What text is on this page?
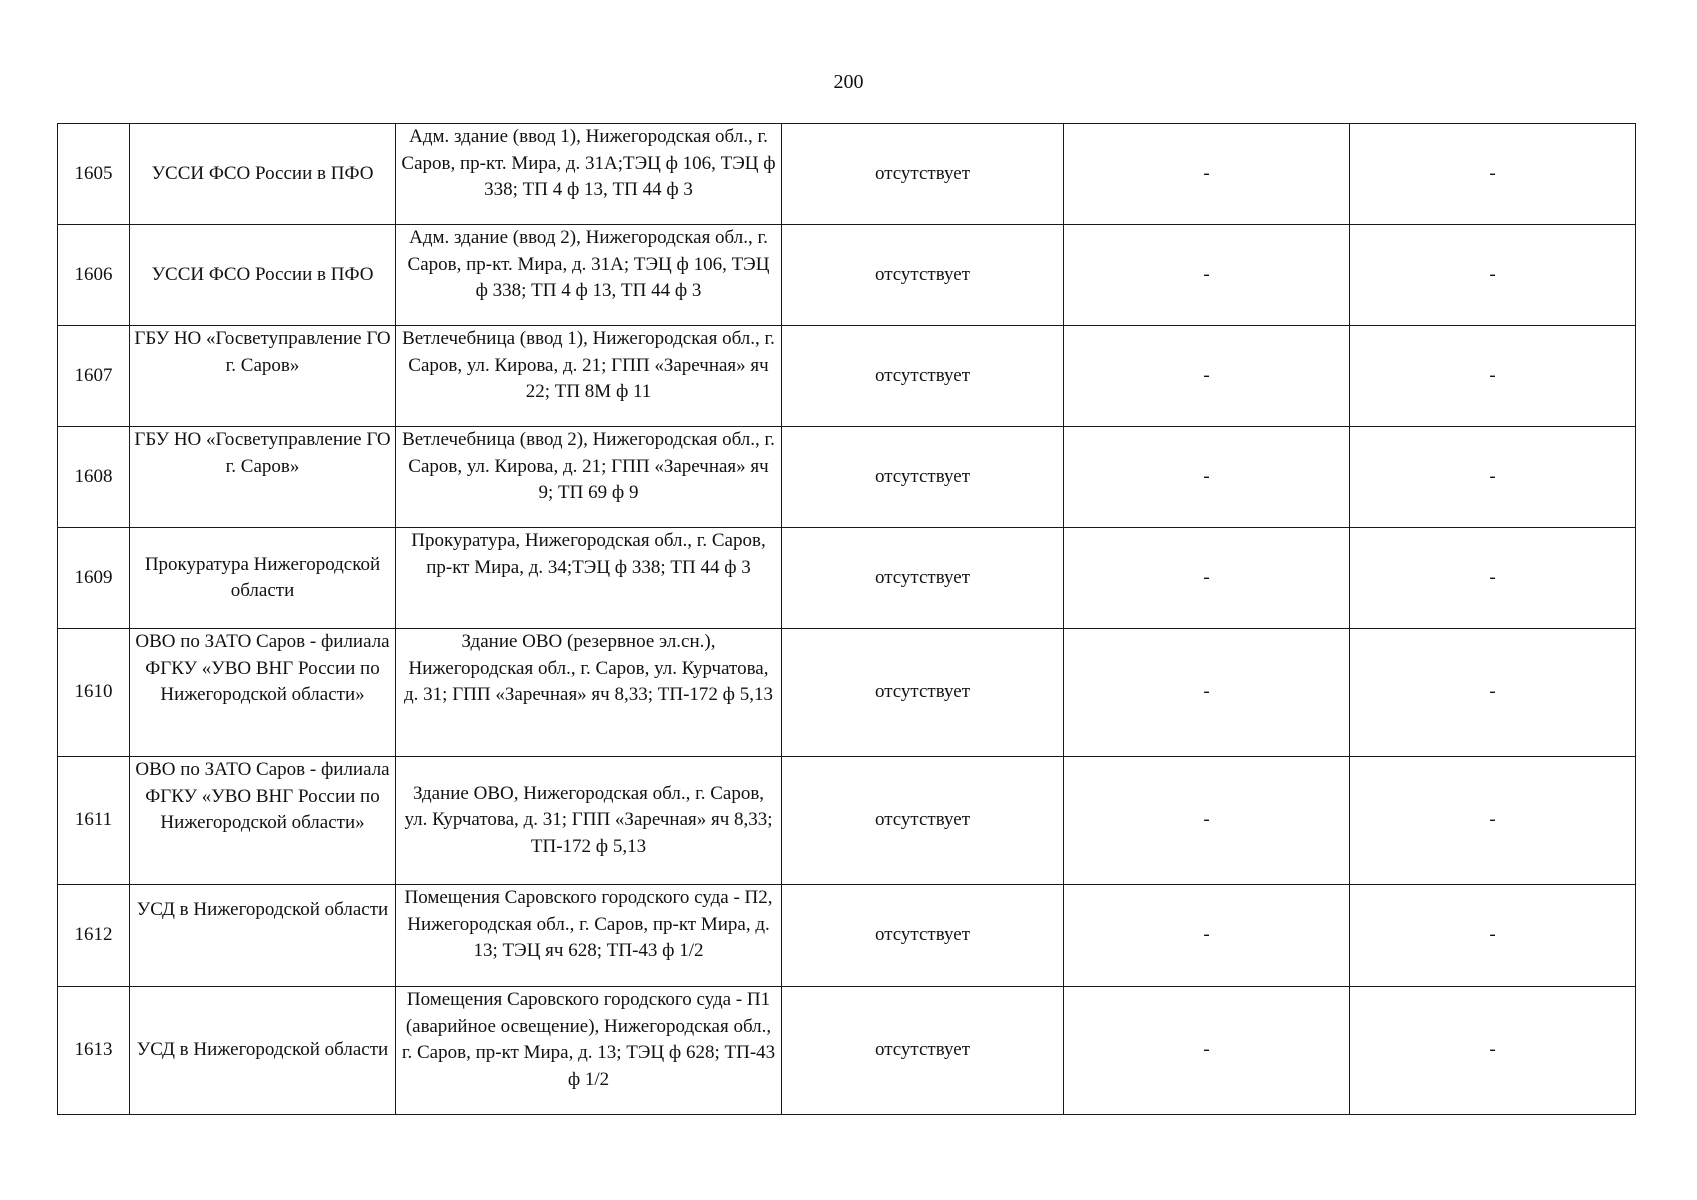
200
1605	УССИ ФСО России в ПФО	Адм. здание (ввод 1), Нижегородская обл., г. Саров, пр-кт. Мира, д. 31А;ТЭЦ ф 106, ТЭЦ ф 338; ТП 4 ф 13, ТП 44 ф 3	отсутствует	-	-
1606	УССИ ФСО России в ПФО	Адм. здание (ввод 2), Нижегородская обл., г. Саров, пр-кт. Мира, д. 31А; ТЭЦ ф 106, ТЭЦ ф 338; ТП 4 ф 13, ТП 44 ф 3	отсутствует	-	-
1607	ГБУ НО «Госветуправление ГО г. Саров»	Ветлечебница (ввод 1), Нижегородская обл., г. Саров, ул. Кирова, д. 21; ГПП «Заречная» яч 22; ТП 8М ф 11	отсутствует	-	-
1608	ГБУ НО «Госветуправление ГО г. Саров»	Ветлечебница (ввод 2), Нижегородская обл., г. Саров, ул. Кирова, д. 21; ГПП «Заречная» яч 9; ТП 69 ф 9	отсутствует	-	-
1609	Прокуратура Нижегородской области	Прокуратура, Нижегородская обл., г. Саров, пр-кт Мира, д. 34;ТЭЦ ф 338; ТП 44 ф 3	отсутствует	-	-
1610	ОВО по ЗАТО Саров - филиала ФГКУ «УВО ВНГ России по Нижегородской области»	Здание ОВО (резервное эл.сн.), Нижегородская обл., г. Саров, ул. Курчатова, д. 31; ГПП «Заречная» яч 8,33; ТП-172 ф 5,13	отсутствует	-	-
1611	ОВО по ЗАТО Саров - филиала ФГКУ «УВО ВНГ России по Нижегородской области»	Здание ОВО, Нижегородская обл., г. Саров, ул. Курчатова, д. 31; ГПП «Заречная» яч 8,33; ТП-172 ф 5,13	отсутствует	-	-
1612	УСД в Нижегородской области	Помещения Саровского городского суда - П2, Нижегородская обл., г. Саров, пр-кт Мира, д. 13; ТЭЦ яч 628; ТП-43 ф 1/2	отсутствует	-	-
1613	УСД в Нижегородской области	Помещения Саровского городского суда - П1 (аварийное освещение), Нижегородская обл., г. Саров, пр-кт Мира, д. 13; ТЭЦ ф 628; ТП-43 ф 1/2	отсутствует	-	-
